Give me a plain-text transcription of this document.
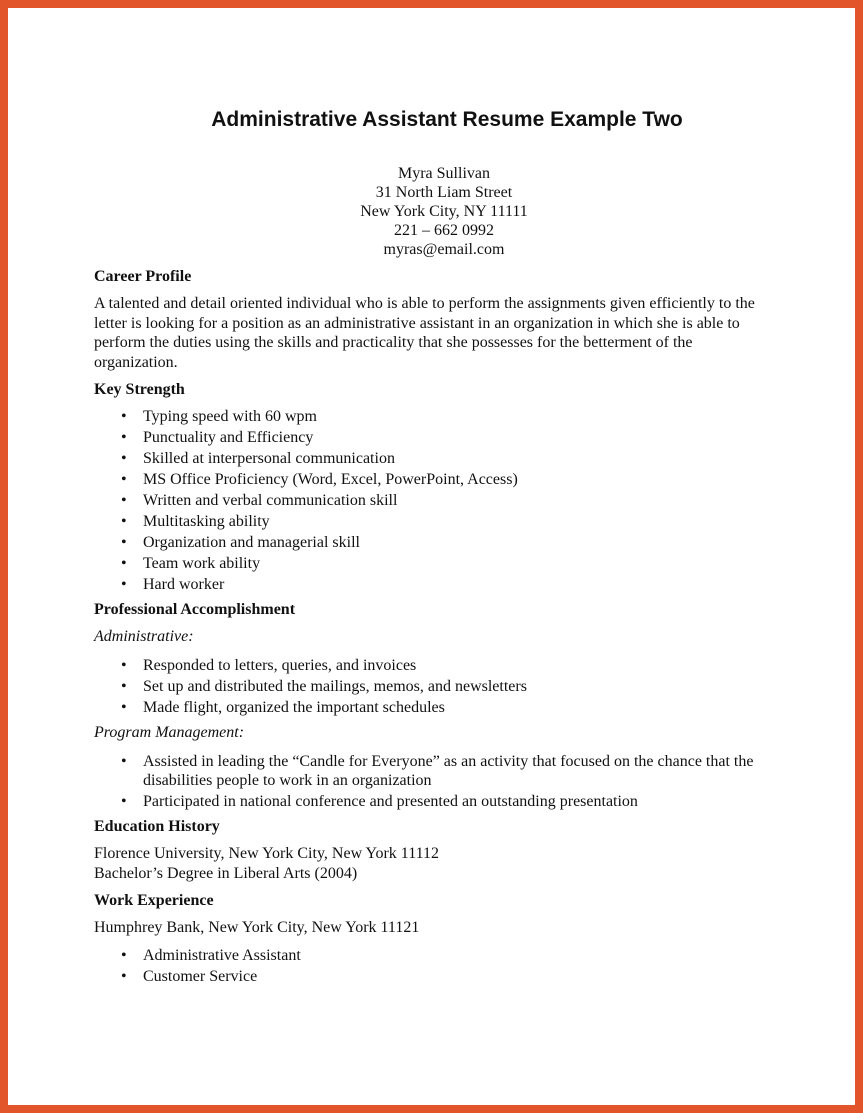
Administrative Assistant Resume Example Two
Myra Sullivan
31 North Liam Street
New York City, NY 11111
221 – 662 0992
myras@email.com
Career Profile
A talented and detail oriented individual who is able to perform the assignments given efficiently to the
letter is looking for a position as an administrative assistant in an organization in which she is able to
perform the duties using the skills and practicality that she possesses for the betterment of the
organization.
Key Strength
• Typing speed with 60 wpm
• Punctuality and Efficiency
• Skilled at interpersonal communication
• MS Office Proficiency (Word, Excel, PowerPoint, Access)
• Written and verbal communication skill
• Multitasking ability
• Organization and managerial skill
• Team work ability
• Hard worker
Professional Accomplishment
Administrative:
• Responded to letters, queries, and invoices
• Set up and distributed the mailings, memos, and newsletters
• Made flight, organized the important schedules
Program Management:
• Assisted in leading the “Candle for Everyone” as an activity that focused on the chance that the
disabilities people to work in an organization
• Participated in national conference and presented an outstanding presentation
Education History
Florence University, New York City, New York 11112
Bachelor’s Degree in Liberal Arts (2004)
Work Experience
Humphrey Bank, New York City, New York 11121
• Administrative Assistant
• Customer Service
